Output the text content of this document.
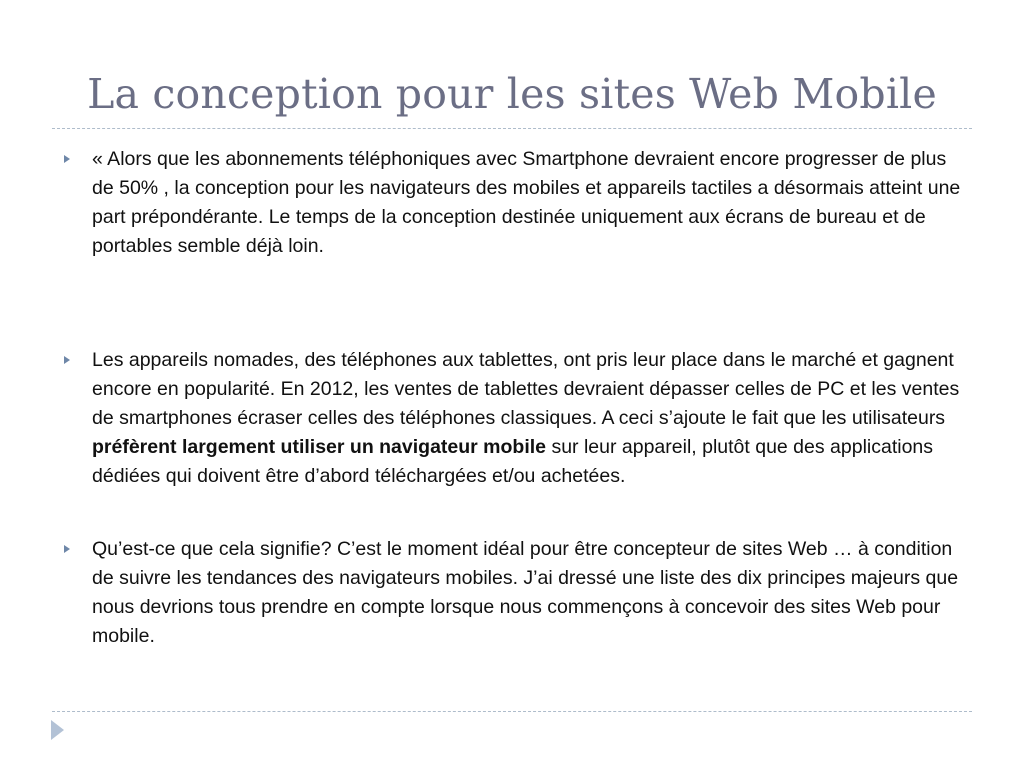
La conception pour les sites Web Mobile
« Alors que les abonnements téléphoniques avec Smartphone devraient encore progresser de plus de 50% , la conception pour les navigateurs des mobiles et appareils tactiles a désormais atteint une part prépondérante. Le temps de la conception destinée uniquement aux écrans de bureau et de portables semble déjà loin.
Les appareils nomades, des téléphones aux tablettes, ont pris leur place dans le marché et gagnent encore en popularité. En 2012, les ventes de tablettes devraient dépasser celles de PC et les ventes de smartphones écraser celles des téléphones classiques. A ceci s’ajoute le fait que les utilisateurs préfèrent largement utiliser un navigateur mobile sur leur appareil, plutôt que des applications dédiées qui doivent être d’abord téléchargées et/ou achetées.
Qu’est-ce que cela signifie? C’est le moment idéal pour être concepteur de sites Web … à condition de suivre les tendances des navigateurs mobiles. J’ai dressé une liste des dix principes majeurs que nous devrions tous prendre en compte lorsque nous commençons à concevoir des sites Web pour mobile.
